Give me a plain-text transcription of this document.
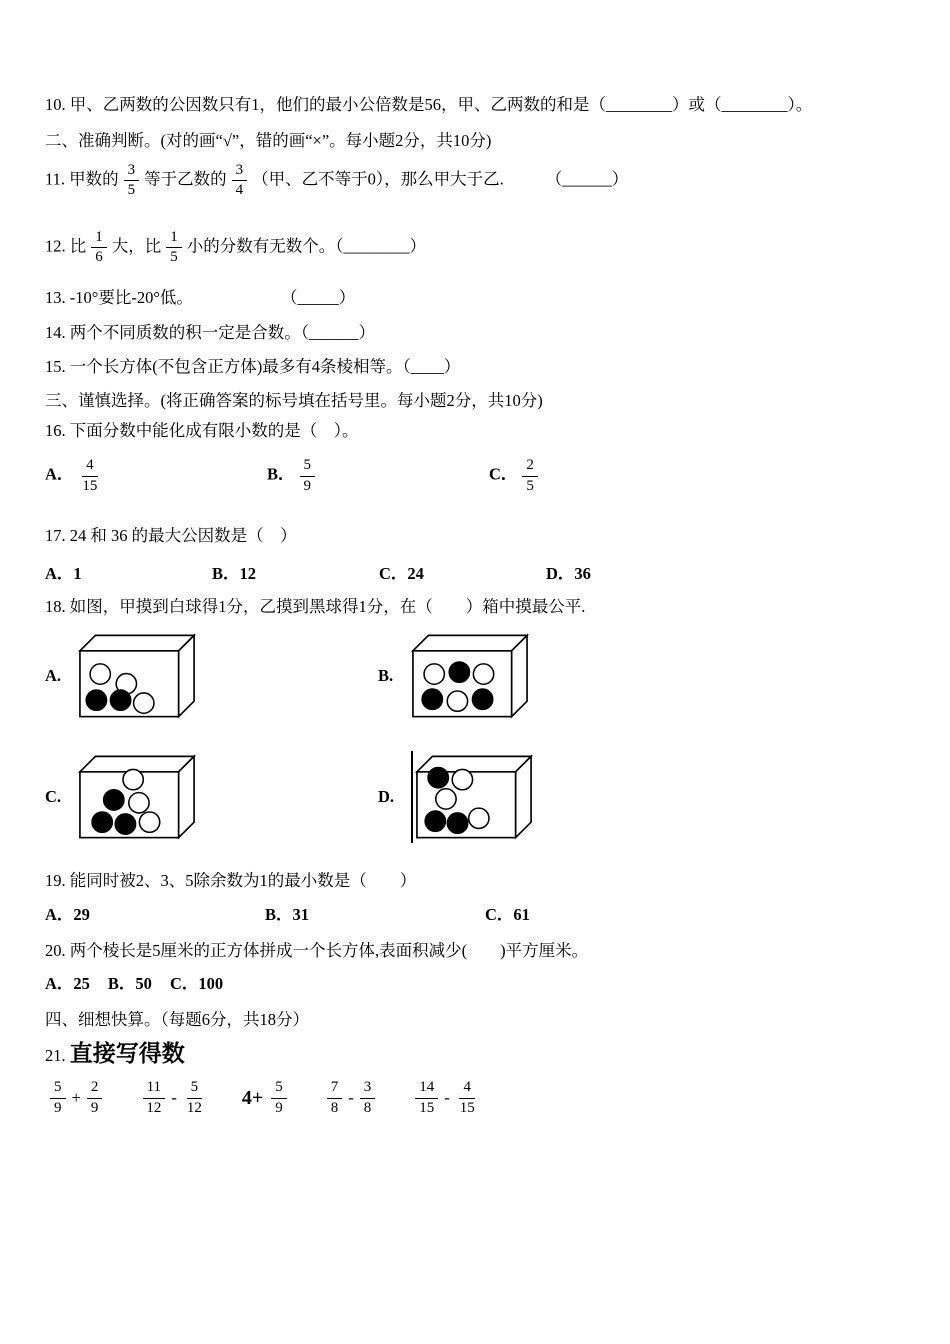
10. 甲、乙两数的公因数只有1，他们的最小公倍数是56，甲、乙两数的和是（________）或（________）。

二、准确判断。(对的画“√”，错的画“×”。每小题2分，共10分)

11. 甲数的 $\frac{3}{5}$ 等于乙数的 $\frac{3}{4}$ （甲、乙不等于0），那么甲大于乙.	（______）

12. 比 $\frac{1}{6}$ 大，比 $\frac{1}{5}$ 小的分数有无数个。（________）

13. -10°要比-20°低。	（_____）

14. 两个不同质数的积一定是合数。（______）

15. 一个长方体(不包含正方体)最多有4条棱相等。（____）

三、谨慎选择。(将正确答案的标号填在括号里。每小题2分，共10分)

16. 下面分数中能化成有限小数的是（　）。

A． $\frac{4}{15}$	B． $\frac{5}{9}$	C． $\frac{2}{5}$

17. 24 和 36 的最大公因数是（　）

A．1	B．12	C．24	D．36

18. 如图，甲摸到白球得1分，乙摸到黑球得1分，在（　　）箱中摸最公平.

A.	B.
C.	D.

19. 能同时被2、3、5除余数为1的最小数是（　　）

A．29	B．31	C．61

20. 两个棱长是5厘米的正方体拼成一个长方体,表面积减少(　　)平方厘米。

A．25 B．50 C．100

四、细想快算。（每题6分，共18分）

21. 直接写得数

$\frac{5}{9} + \frac{2}{9}$	$\frac{11}{12} - \frac{5}{12} 4+ \frac{5}{9}$	$\frac{7}{8} - \frac{3}{8}$	$\frac{14}{15} - \frac{4}{15}$
